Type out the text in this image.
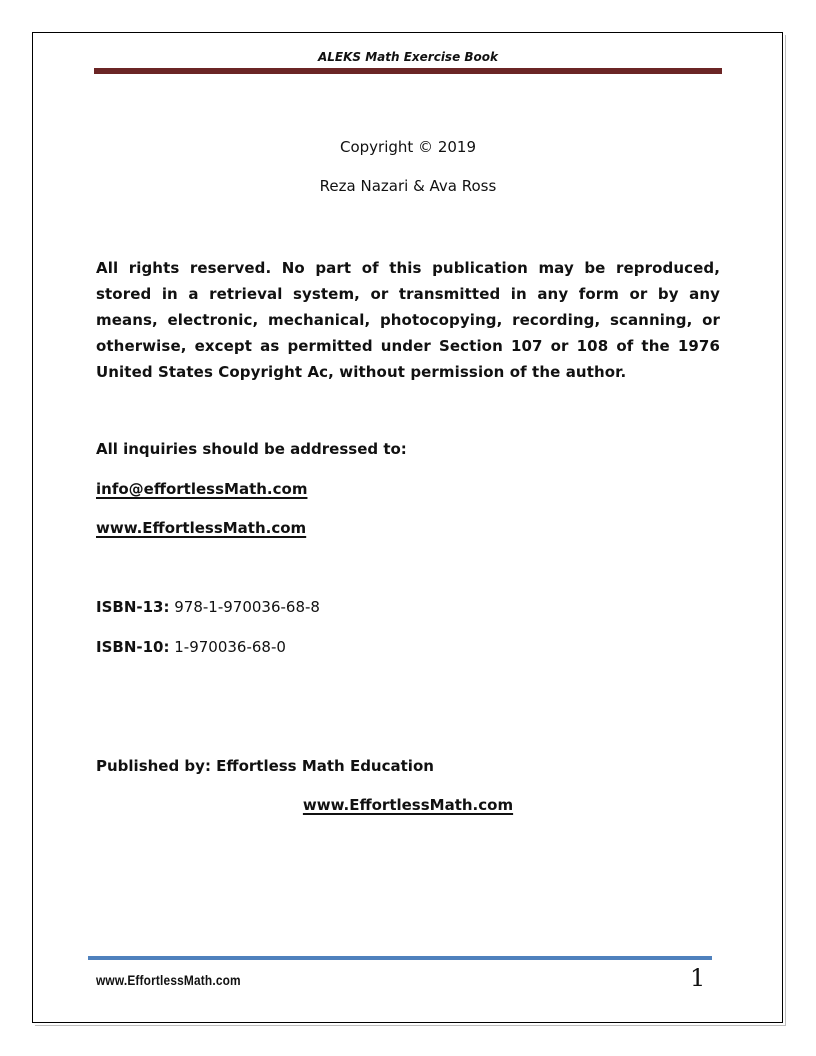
ALEKS Math Exercise Book
Copyright © 2019
Reza Nazari & Ava Ross
All rights reserved. No part of this publication may be reproduced, stored in a retrieval system, or transmitted in any form or by any means, electronic, mechanical, photocopying, recording, scanning, or otherwise, except as permitted under Section 107 or 108 of the 1976 United States Copyright Ac, without permission of the author.
All inquiries should be addressed to:
info@effortlessMath.com
www.EffortlessMath.com
ISBN-13: 978-1-970036-68-8
ISBN-10: 1-970036-68-0
Published by: Effortless Math Education
www.EffortlessMath.com
www.EffortlessMath.com	1
